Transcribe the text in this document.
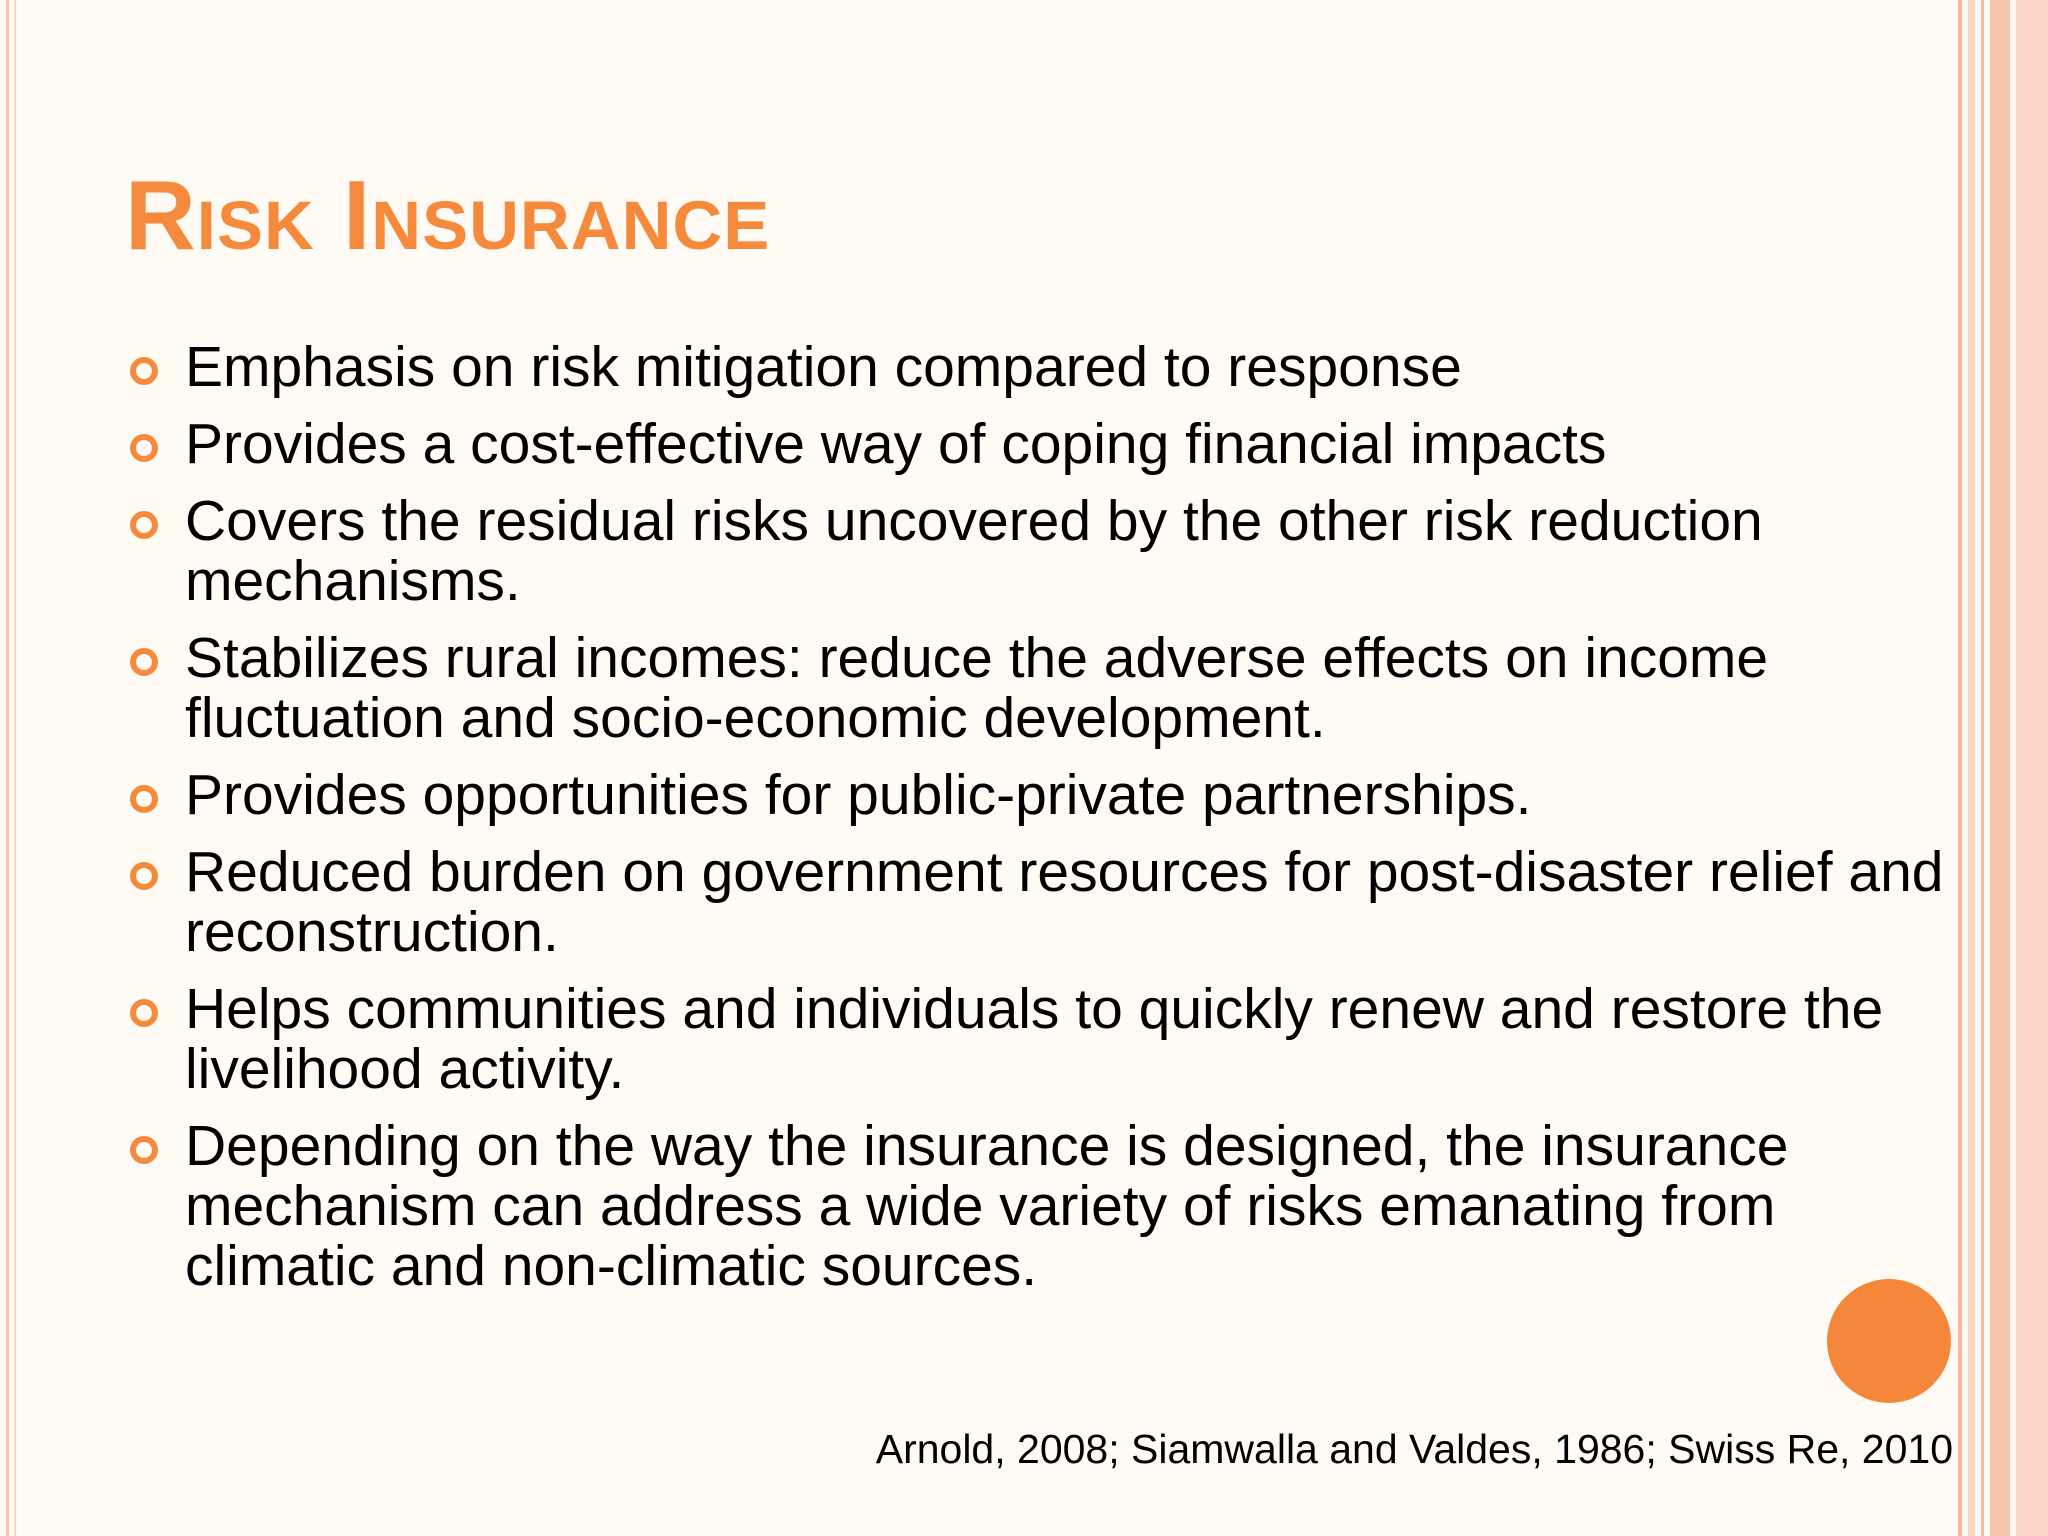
Risk Insurance
Emphasis on risk mitigation compared to response
Provides a cost-effective way of coping financial impacts
Covers the residual risks uncovered by the other risk reduction mechanisms.
Stabilizes rural incomes: reduce the adverse effects on income fluctuation and socio-economic development.
Provides opportunities for public-private partnerships.
Reduced burden on government resources for post-disaster relief and reconstruction.
Helps communities and individuals to quickly renew and restore the livelihood activity.
Depending on the way the insurance is designed, the insurance mechanism can address a wide variety of risks emanating from climatic and non-climatic sources.
Arnold, 2008; Siamwalla and Valdes, 1986; Swiss Re, 2010
